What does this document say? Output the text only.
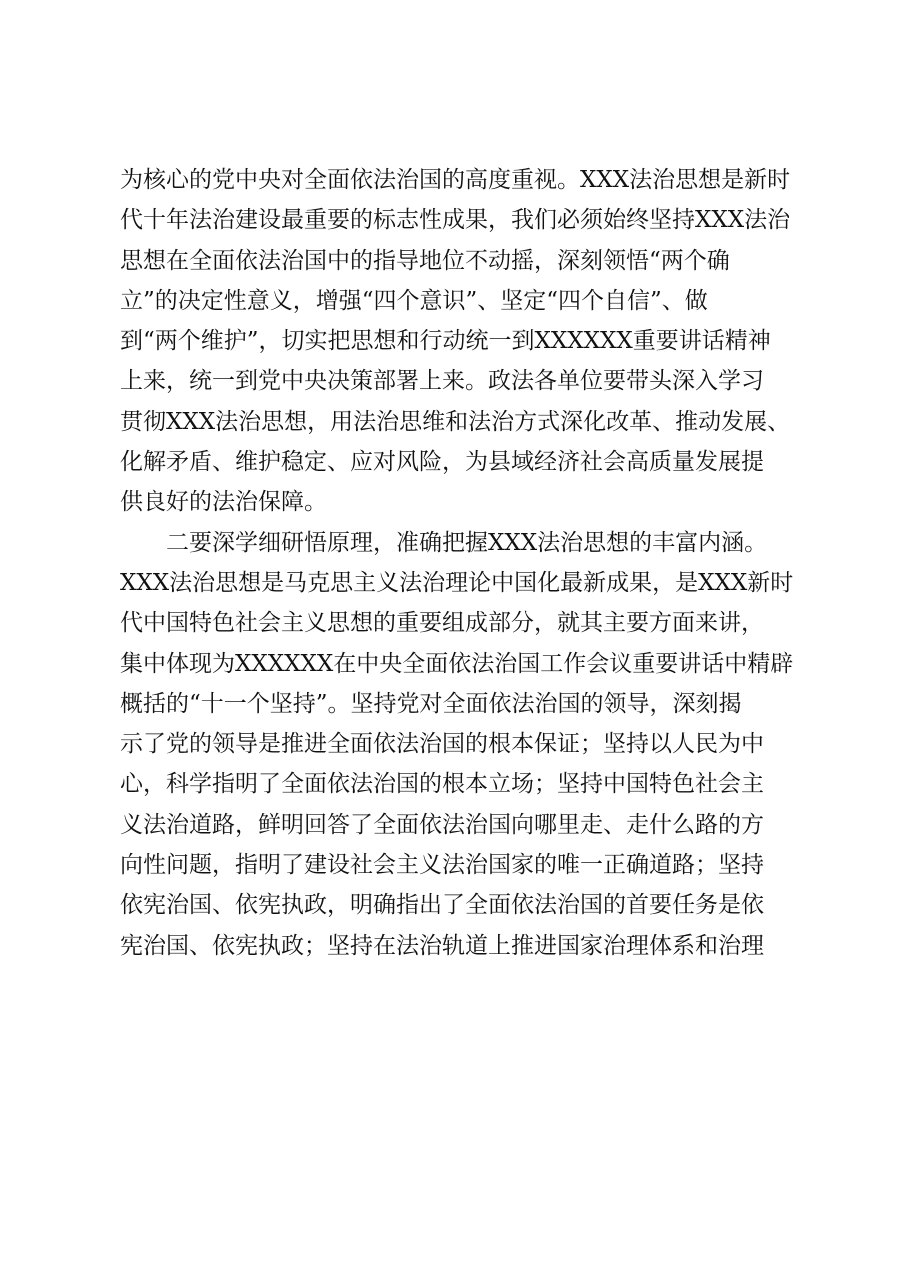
为核心的党中央对全面依法治国的高度重视。XXX法治思想是新时
代十年法治建设最重要的标志性成果，我们必须始终坚持XXX法治
思想在全面依法治国中的指导地位不动摇，深刻领悟“两个确
立”的决定性意义，增强“四个意识”、坚定“四个自信”、做
到“两个维护”，切实把思想和行动统一到XXXXXX重要讲话精神
上来，统一到党中央决策部署上来。政法各单位要带头深入学习
贯彻XXX法治思想，用法治思维和法治方式深化改革、推动发展、
化解矛盾、维护稳定、应对风险，为县域经济社会高质量发展提
供良好的法治保障。
二要深学细研悟原理，准确把握XXX法治思想的丰富内涵。
XXX法治思想是马克思主义法治理论中国化最新成果，是XXX新时
代中国特色社会主义思想的重要组成部分，就其主要方面来讲，
集中体现为XXXXXX在中央全面依法治国工作会议重要讲话中精辟
概括的“十一个坚持”。坚持党对全面依法治国的领导，深刻揭
示了党的领导是推进全面依法治国的根本保证；坚持以人民为中
心，科学指明了全面依法治国的根本立场；坚持中国特色社会主
义法治道路，鲜明回答了全面依法治国向哪里走、走什么路的方
向性问题，指明了建设社会主义法治国家的唯一正确道路；坚持
依宪治国、依宪执政，明确指出了全面依法治国的首要任务是依
宪治国、依宪执政；坚持在法治轨道上推进国家治理体系和治理
